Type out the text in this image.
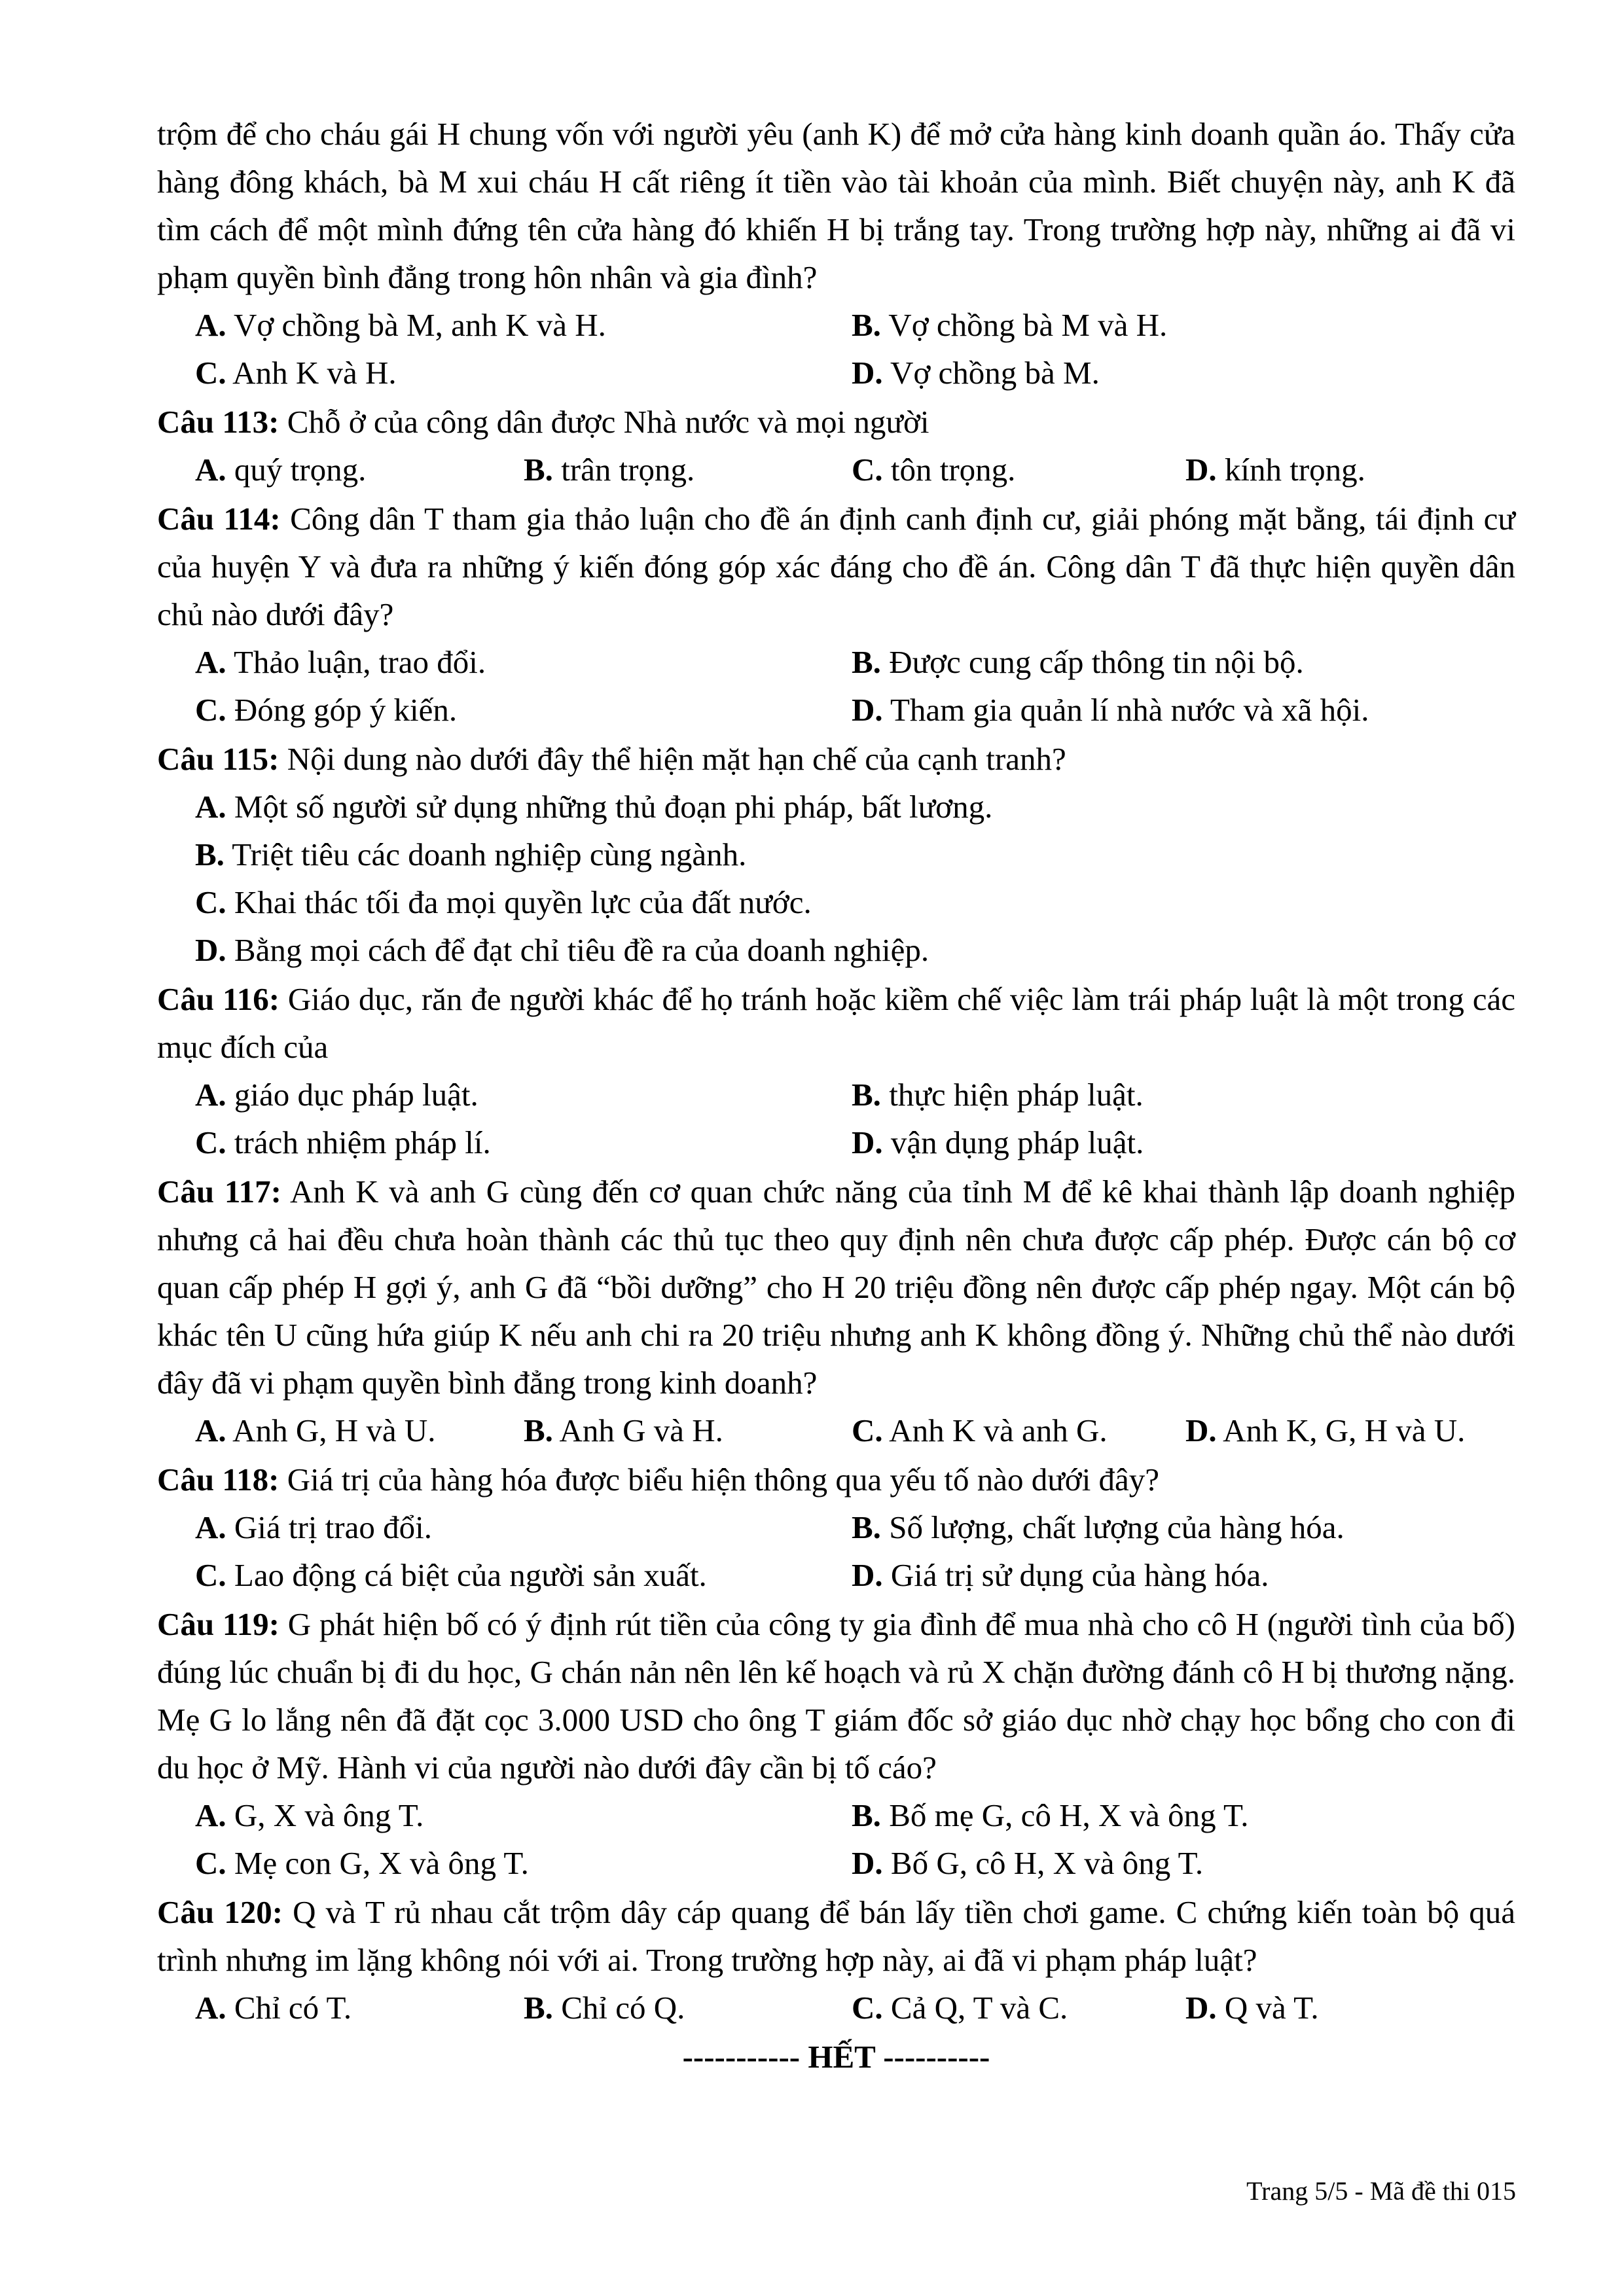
trộm để cho cháu gái H chung vốn với người yêu (anh K) để mở cửa hàng kinh doanh quần áo. Thấy cửa hàng đông khách, bà M xui cháu H cất riêng ít tiền vào tài khoản của mình. Biết chuyện này, anh K đã tìm cách để một mình đứng tên cửa hàng đó khiến H bị trắng tay. Trong trường hợp này, những ai đã vi phạm quyền bình đẳng trong hôn nhân và gia đình?

A. Vợ chồng bà M, anh K và H.	B. Vợ chồng bà M và H.
C. Anh K và H.	D. Vợ chồng bà M.

Câu 113: Chỗ ở của công dân được Nhà nước và mọi người

A. quý trọng.	B. trân trọng.	C. tôn trọng.	D. kính trọng.

Câu 114: Công dân T tham gia thảo luận cho đề án định canh định cư, giải phóng mặt bằng, tái định cư của huyện Y và đưa ra những ý kiến đóng góp xác đáng cho đề án. Công dân T đã thực hiện quyền dân chủ nào dưới đây?

A. Thảo luận, trao đổi.	B. Được cung cấp thông tin nội bộ.
C. Đóng góp ý kiến.	D. Tham gia quản lí nhà nước và xã hội.

Câu 115: Nội dung nào dưới đây thể hiện mặt hạn chế của cạnh tranh?

A. Một số người sử dụng những thủ đoạn phi pháp, bất lương.
B. Triệt tiêu các doanh nghiệp cùng ngành.
C. Khai thác tối đa mọi quyền lực của đất nước.
D. Bằng mọi cách để đạt chỉ tiêu đề ra của doanh nghiệp.

Câu 116: Giáo dục, răn đe người khác để họ tránh hoặc kiềm chế việc làm trái pháp luật là một trong các mục đích của

A. giáo dục pháp luật.	B. thực hiện pháp luật.
C. trách nhiệm pháp lí.	D. vận dụng pháp luật.

Câu 117: Anh K và anh G cùng đến cơ quan chức năng của tỉnh M để kê khai thành lập doanh nghiệp nhưng cả hai đều chưa hoàn thành các thủ tục theo quy định nên chưa được cấp phép. Được cán bộ cơ quan cấp phép H gợi ý, anh G đã “bồi dưỡng” cho H 20 triệu đồng nên được cấp phép ngay. Một cán bộ khác tên U cũng hứa giúp K nếu anh chi ra 20 triệu nhưng anh K không đồng ý. Những chủ thể nào dưới đây đã vi phạm quyền bình đẳng trong kinh doanh?

A. Anh G, H và U.	B. Anh G và H.	C. Anh K và anh G.	D. Anh K, G, H và U.

Câu 118: Giá trị của hàng hóa được biểu hiện thông qua yếu tố nào dưới đây?

A. Giá trị trao đổi.	B. Số lượng, chất lượng của hàng hóa.
C. Lao động cá biệt của người sản xuất.	D. Giá trị sử dụng của hàng hóa.

Câu 119: G phát hiện bố có ý định rút tiền của công ty gia đình để mua nhà cho cô H (người tình của bố) đúng lúc chuẩn bị đi du học, G chán nản nên lên kế hoạch và rủ X chặn đường đánh cô H bị thương nặng. Mẹ G lo lắng nên đã đặt cọc 3.000 USD cho ông T giám đốc sở giáo dục nhờ chạy học bổng cho con đi du học ở Mỹ. Hành vi của người nào dưới đây cần bị tố cáo?

A. G, X và ông T.	B. Bố mẹ G, cô H, X và ông T.
C. Mẹ con G, X và ông T.	D. Bố G, cô H, X và ông T.

Câu 120: Q và T rủ nhau cắt trộm dây cáp quang để bán lấy tiền chơi game. C chứng kiến toàn bộ quá trình nhưng im lặng không nói với ai. Trong trường hợp này, ai đã vi phạm pháp luật?

A. Chỉ có T.	B. Chỉ có Q.	C. Cả Q, T và C.	D. Q và T.
----------- HẾT ----------
Trang 5/5 - Mã đề thi 015
